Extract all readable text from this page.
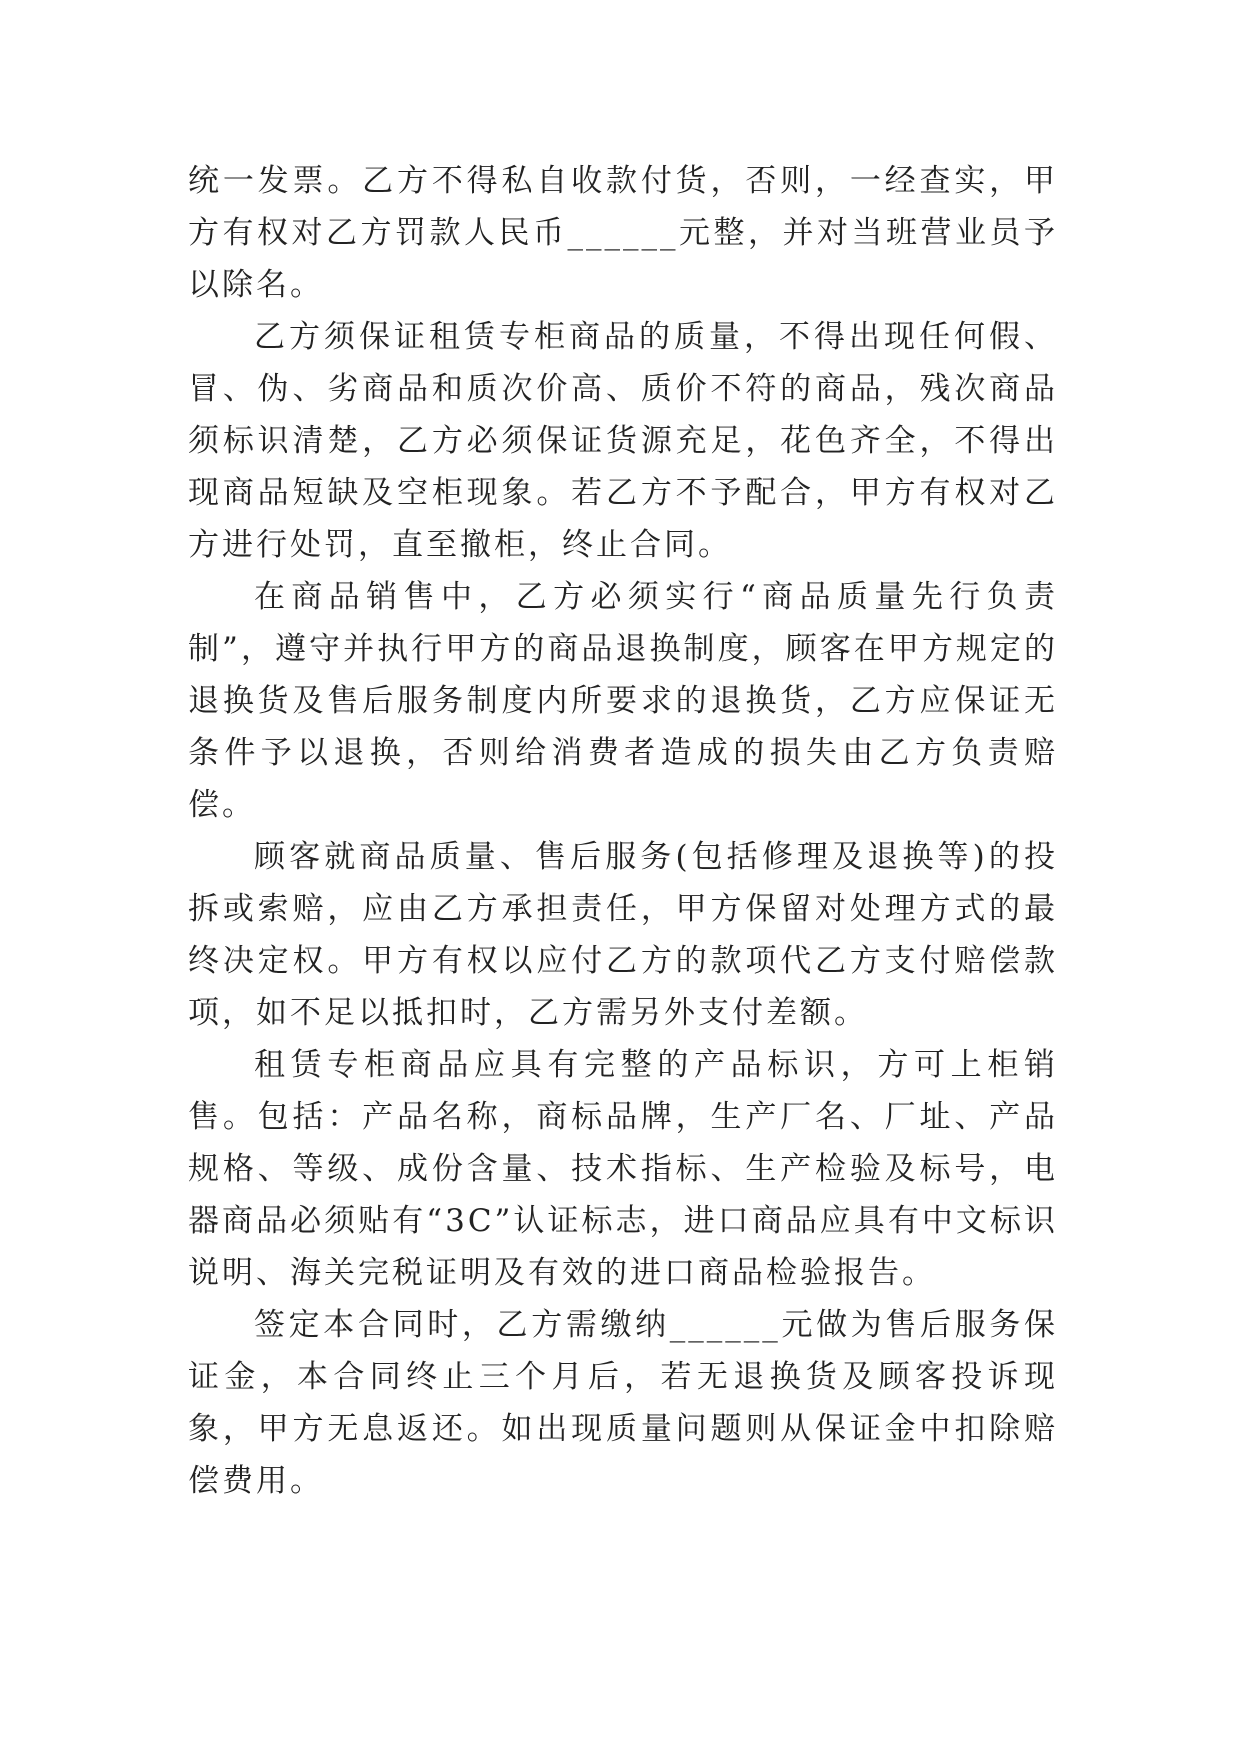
统一发票。乙方不得私自收款付货，否则，一经查实，甲方有权对乙方罚款人民币______元整，并对当班营业员予以除名。

乙方须保证租赁专柜商品的质量，不得出现任何假、冒、伪、劣商品和质次价高、质价不符的商品，残次商品须标识清楚，乙方必须保证货源充足，花色齐全，不得出现商品短缺及空柜现象。若乙方不予配合，甲方有权对乙方进行处罚，直至撤柜，终止合同。

在商品销售中，乙方必须实行“商品质量先行负责制”，遵守并执行甲方的商品退换制度，顾客在甲方规定的退换货及售后服务制度内所要求的退换货，乙方应保证无条件予以退换，否则给消费者造成的损失由乙方负责赔偿。

顾客就商品质量、售后服务(包括修理及退换等)的投拆或索赔，应由乙方承担责任，甲方保留对处理方式的最终决定权。甲方有权以应付乙方的款项代乙方支付赔偿款项，如不足以抵扣时，乙方需另外支付差额。

租赁专柜商品应具有完整的产品标识，方可上柜销售。包括：产品名称，商标品牌，生产厂名、厂址、产品规格、等级、成份含量、技术指标、生产检验及标号，电器商品必须贴有“3C”认证标志，进口商品应具有中文标识说明、海关完税证明及有效的进口商品检验报告。

签定本合同时，乙方需缴纳______元做为售后服务保证金，本合同终止三个月后，若无退换货及顾客投诉现象，甲方无息返还。如出现质量问题则从保证金中扣除赔偿费用。
